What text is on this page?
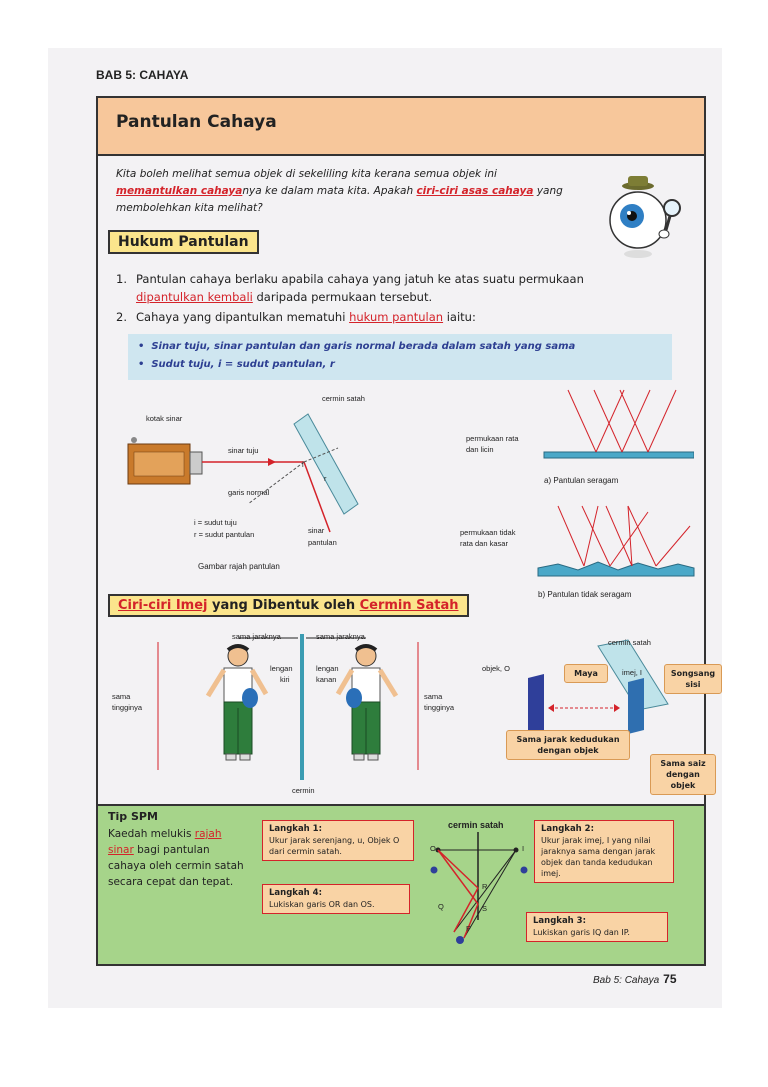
BAB 5: CAHAYA
Pantulan Cahaya
Kita boleh melihat semua objek di sekeliling kita kerana semua objek ini memantulkan cahayanya ke dalam mata kita. Apakah ciri-ciri asas cahaya yang membolehkan kita melihat?
Hukum Pantulan
1. Pantulan cahaya berlaku apabila cahaya yang jatuh ke atas suatu permukaan
dipantulkan kembali daripada permukaan tersebut.
2. Cahaya yang dipantulkan mematuhi hukum pantulan iaitu:
•  Sinar tuju, sinar pantulan dan garis normal berada dalam satah yang sama
•  Sudut tuju, i = sudut pantulan, r
cermin satah
kotak sinar
sinar tuju
i
r
garis normal
i = sudut tuju
r = sudut pantulan	sinar
pantulan
Gambar rajah pantulan
permukaan rata
dan licin
a) Pantulan seragam
permukaan tidak
rata dan kasar
b) Pantulan tidak seragam
Ciri-ciri Imej yang Dibentuk oleh Cermin Satah
sama jaraknya	sama jaraknya
lengan
kiri
lengan
kanan
sama
tingginya
sama
tingginya
cermin
cermin satah
objek, O
Maya	imej, I	Songsang
sisi
Sama jarak kedudukan
dengan objek
Sama saiz
dengan objek
Tip SPM
Kaedah melukis rajah sinar bagi pantulan cahaya oleh cermin satah secara cepat dan tepat.
Langkah 1:
Ukur jarak serenjang, u, Objek O dari cermin satah.
Langkah 2:
Ukur jarak imej, I yang nilai jaraknya sama dengan jarak objek dan tanda kedudukan imej.
Langkah 4:
Lukiskan garis OR dan OS.
Langkah 3:
Lukiskan garis IQ dan IP.
cermin satah
O	I
R
S
Q
P
Bab 5: Cahaya 75
